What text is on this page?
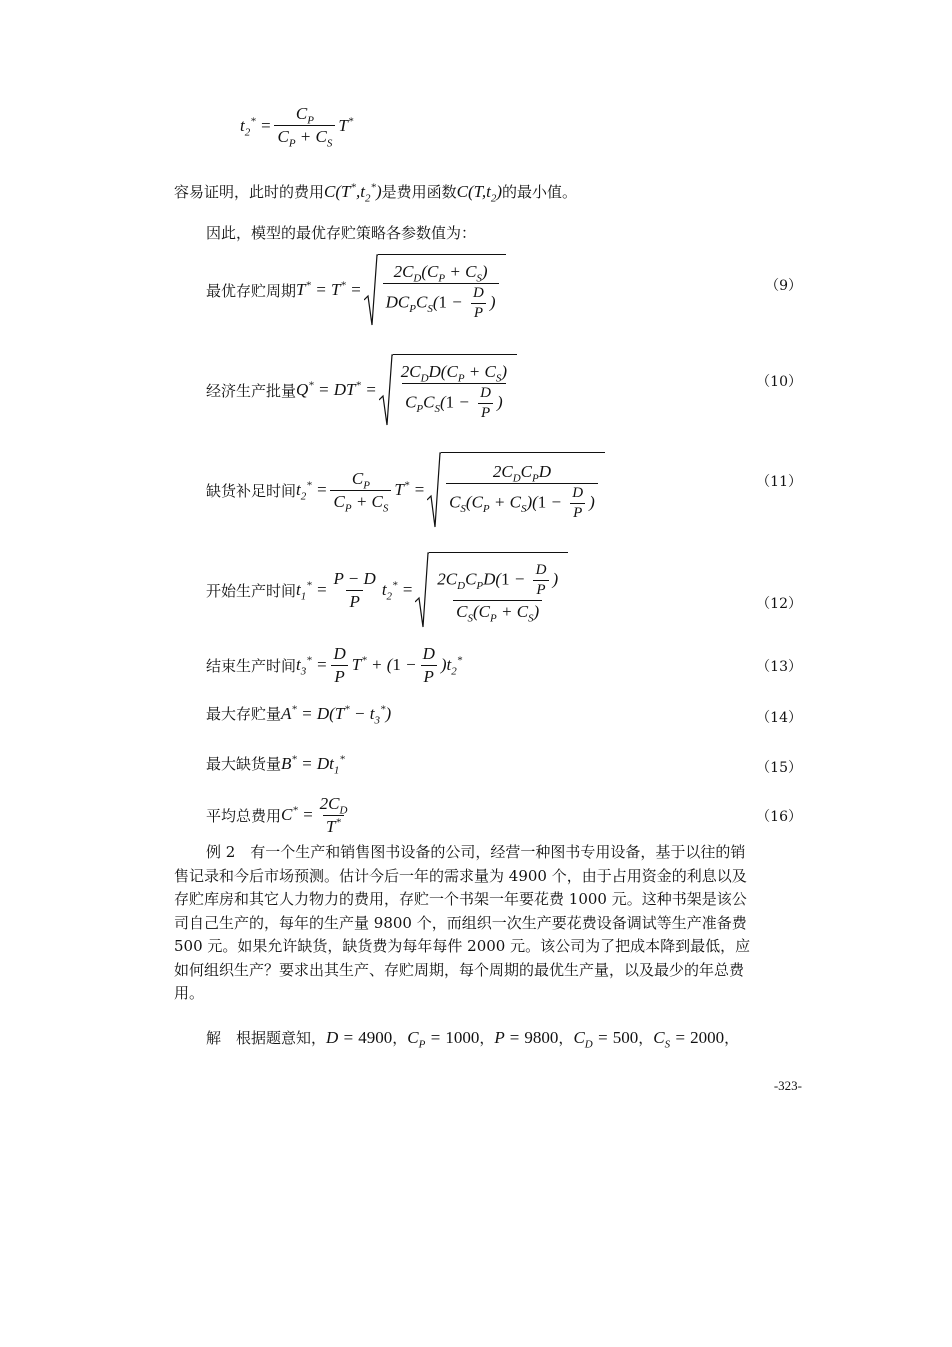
$t_2^* = \frac{C_P}{C_P + C_S} T^*$
容易证明，此时的费用 $C(T^*,t_2^*)$ 是费用函数 $C(T,t_2)$ 的最小值。
因此，模型的最优存贮策略各参数值为：
最优存贮周期 $T^* = T^* = \frac{2C_D(C_P + C_S)}{DC_PC_S(1 - \frac{D}{P} )}$	（9）
经济生产批量 $Q^* = DT^* = \frac{2C_DD(C_P + C_S)}{C_PC_S(1 - \frac{D}{P} )}$	（10）
缺货补足时间 $t_2^* = \frac{C_P}{C_P + C_S} T^* = \frac{2C_DC_PD}{C_S(C_P + C_S)(1 - \frac{D}{P} )}$	（11）
开始生产时间 $t_1^* = \frac{P - D}{P} t_2^* = \frac{2C_DC_PD(1 - \frac{D}{P} )}{C_S(C_P + C_S)}$	（12）
结束生产时间 $t_3^* = \frac{D}{P} T^* + (1 - \frac{D}{P} )t_2^*$	（13）
最大存贮量 $A^* = D(T^* - t_3^*)$	（14）
最大缺货量 $B^* = Dt_1^*$
（15）
平均总费用 $C^* = \frac{2C_D}{T^*}$	（16）
例 2　有一个生产和销售图书设备的公司，经营一种图书专用设备，基于以往的销
售记录和今后市场预测。估计今后一年的需求量为 4900 个，由于占用资金的利息以及
存贮库房和其它人力物力的费用，存贮一个书架一年要花费 1000 元。这种书架是该公
司自己生产的，每年的生产量 9800 个，而组织一次生产要花费设备调试等生产准备费
500 元。如果允许缺货，缺货费为每年每件 2000 元。该公司为了把成本降到最低，应
如何组织生产？要求出其生产、存贮周期，每个周期的最优生产量，以及最少的年总费
用。
解　根据题意知， D = 4900 ， $C_P = 1000$ ， P = 9800 ， $C_D = 500$ ， $C_S = 2000$ ，
-323-
